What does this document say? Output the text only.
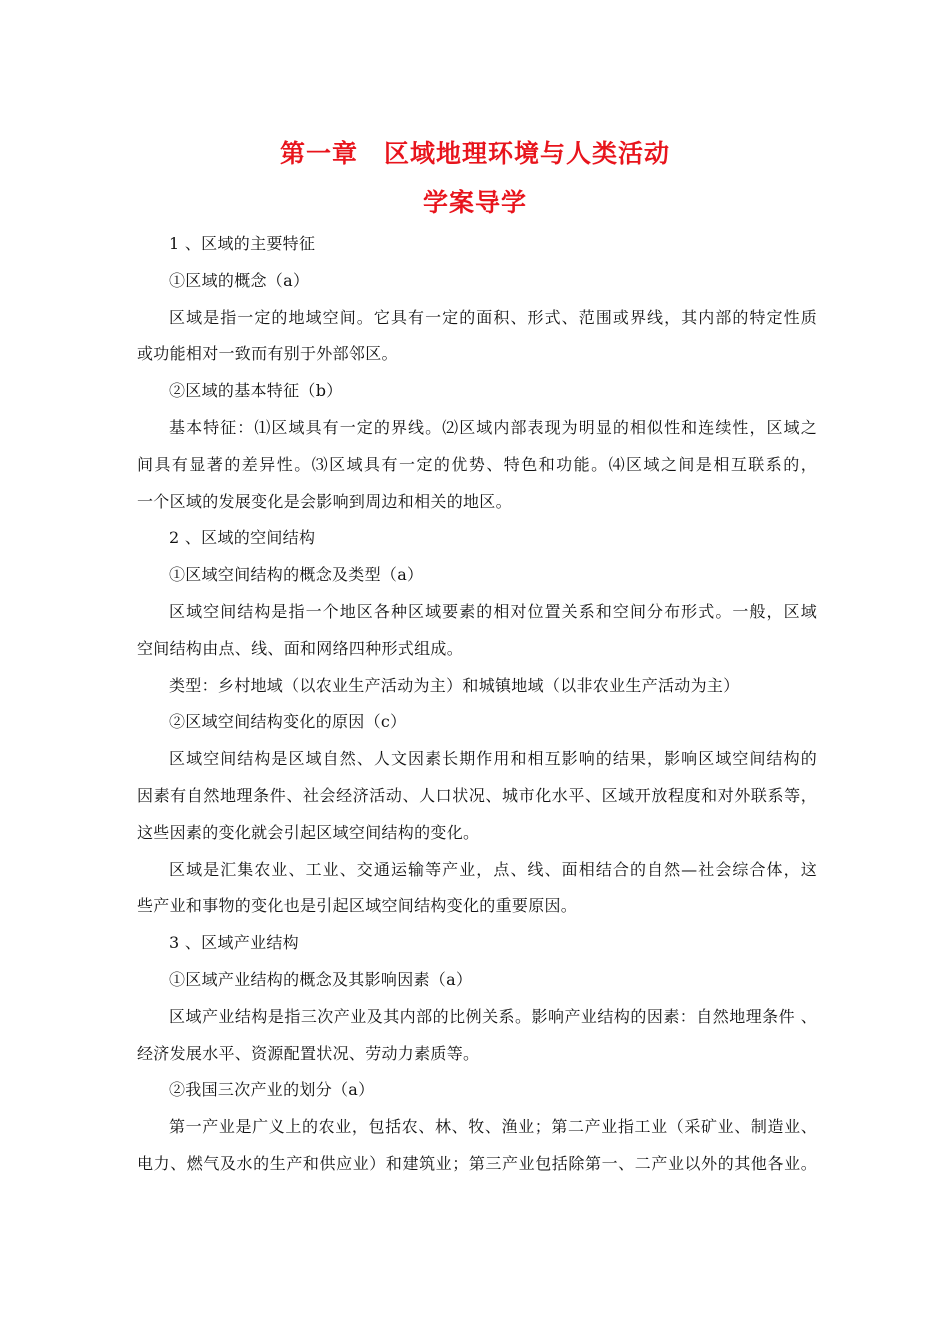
第一章　区域地理环境与人类活动
学案导学
1 、区域的主要特征
①区域的概念（a）
区域是指一定的地域空间。它具有一定的面积、形式、范围或界线，其内部的特定性质
或功能相对一致而有别于外部邻区。
②区域的基本特征（b）
基本特征：⑴区域具有一定的界线。⑵区域内部表现为明显的相似性和连续性，区域之
间具有显著的差异性。⑶区域具有一定的优势、特色和功能。⑷区域之间是相互联系的，
一个区域的发展变化是会影响到周边和相关的地区。
2 、区域的空间结构
①区域空间结构的概念及类型（a）
区域空间结构是指一个地区各种区域要素的相对位置关系和空间分布形式。一般，区域
空间结构由点、线、面和网络四种形式组成。
类型：乡村地域（以农业生产活动为主）和城镇地域（以非农业生产活动为主）
②区域空间结构变化的原因（c）
区域空间结构是区域自然、人文因素长期作用和相互影响的结果，影响区域空间结构的
因素有自然地理条件、社会经济活动、人口状况、城市化水平、区域开放程度和对外联系等，
这些因素的变化就会引起区域空间结构的变化。
区域是汇集农业、工业、交通运输等产业，点、线、面相结合的自然—社会综合体，这
些产业和事物的变化也是引起区域空间结构变化的重要原因。
3 、区域产业结构
①区域产业结构的概念及其影响因素（a）
区域产业结构是指三次产业及其内部的比例关系。影响产业结构的因素：自然地理条件 、
经济发展水平、资源配置状况、劳动力素质等。
②我国三次产业的划分（a）
第一产业是广义上的农业，包括农、林、牧、渔业；第二产业指工业（采矿业、制造业、
电力、燃气及水的生产和供应业）和建筑业；第三产业包括除第一、二产业以外的其他各业。
